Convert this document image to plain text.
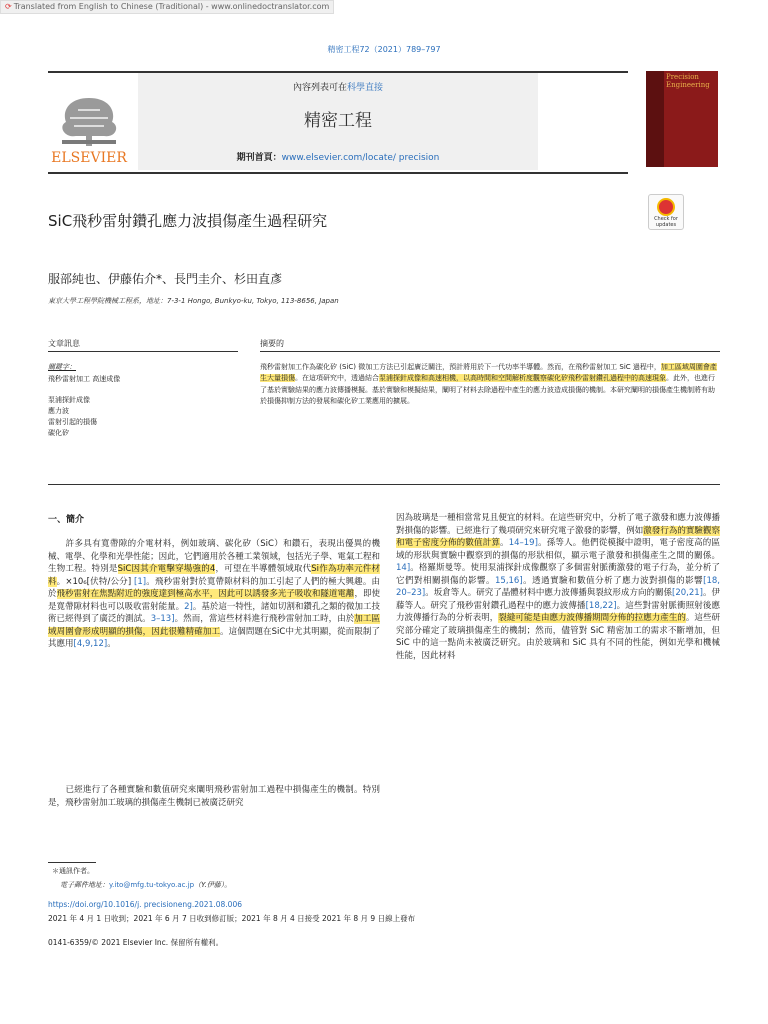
⟳ Translated from English to Chinese (Traditional) - www.onlinedoctranslator.com
精密工程72（2021）789–797
內容列表可在科學直接
精密工程
期刊首頁：www.elsevier.com/locate/ precision
ELSEVIER
Precision Engineering
Check for updates
SiC飛秒雷射鑽孔應力波損傷產生過程研究
服部純也、伊藤佑介*、長門圭介、杉田直彥
東京大學工程學院機械工程系，地址：7-3-1 Hongo, Bunkyo-ku, Tokyo, 113-8656, Japan
文章訊息	摘要的
關鍵字：
飛秒雷射加工 高速成像
泵浦探針成像
應力波
雷射引起的損傷
碳化矽
飛秒雷射加工作為碳化矽 (SiC) 微加工方法已引起廣泛關注，預計將用於下一代功率半導體。然而，在飛秒雷射加工 SiC 過程中，加工區域周圍會產生大量損傷。在這項研究中，透過結合泵浦探針成像和高速相機，以高時間和空間解析度觀察碳化矽飛秒雷射鑽孔過程中的高速現象。此外，也進行了基於實驗結果的應力波傳播模擬。基於實驗和模擬結果，闡明了材料去除過程中產生的應力波造成損傷的機制。本研究闡明的損傷產生機制將有助於損傷抑制方法的發展和碳化矽工業應用的擴展。
一、簡介
　　許多具有寬帶隙的介電材料，例如玻璃、碳化矽（SiC）和鑽石，表現出優異的機械、電學、化學和光學性能；因此，它們適用於各種工業領域，包括光子學、電氣工程和生物工程。特別是SiC因其介電擊穿場強的4，可望在半導體領域取代Si作為功率元件材料。×10₆[伏特/公分] [1]。飛秒雷射對於寬帶隙材料的加工引起了人們的極大興趣。由於飛秒雷射在焦點附近的強度達到極高水平，因此可以誘發多光子吸收和隧道電離，即使是寬帶隙材料也可以吸收雷射能量。2]。基於這一特性，諸如切割和鑽孔之類的微加工技術已經得到了廣泛的測試。3–13]。然而，當這些材料進行飛秒雷射加工時，由於加工區域周圍會形成明顯的損傷，因此很難精確加工。這個問題在SiC中尤其明顯，從而限制了其應用[4,9,12]。
因為玻璃是一種相當常見且便宜的材料。在這些研究中，分析了電子激發和應力波傳播對損傷的影響。已經進行了幾項研究來研究電子激發的影響，例如激發行為的實驗觀察和電子密度分佈的數值計算。14–19]。孫等人。他們從模擬中證明，電子密度高的區域的形狀與實驗中觀察到的損傷的形狀相似，顯示電子激發和損傷產生之間的關係。14]。格羅斯曼等。使用泵浦探針成像觀察了多個雷射脈衝激發的電子行為，並分析了它們對相關損傷的影響。15,16]。透過實驗和數值分析了應力波對損傷的影響[18, 20–23]。坂倉等人。研究了晶體材料中應力波傳播與裂紋形成方向的關係[20,21]。伊藤等人。研究了飛秒雷射鑽孔過程中的應力波傳播[18,22]。這些對雷射脈衝照射後應力波傳播行為的分析表明，裂縫可能是由應力波傳播期間分佈的拉應力產生的。這些研究部分確定了玻璃損傷產生的機制；然而，儘管對 SiC 精密加工的需求不斷增加，但 SiC 中的這一點尚未被廣泛研究。由於玻璃和 SiC 具有不同的性能，例如光學和機械性能，因此材料
　　已經進行了各種實驗和數值研究來闡明飛秒雷射加工過程中損傷產生的機制。特別是，飛秒雷射加工玻璃的損傷產生機制已被廣泛研究
＊通訊作者。
電子郵件地址：y.ito@mfg.tu-tokyo.ac.jp（Y.伊藤）。
https://doi.org/10.1016/j. precisioneng.2021.08.006
2021 年 4 月 1 日收到；2021 年 6 月 7 日收到修訂版；2021 年 8 月 4 日接受 2021 年 8 月 9 日線上發布
0141-6359/© 2021 Elsevier Inc. 保留所有權利。
